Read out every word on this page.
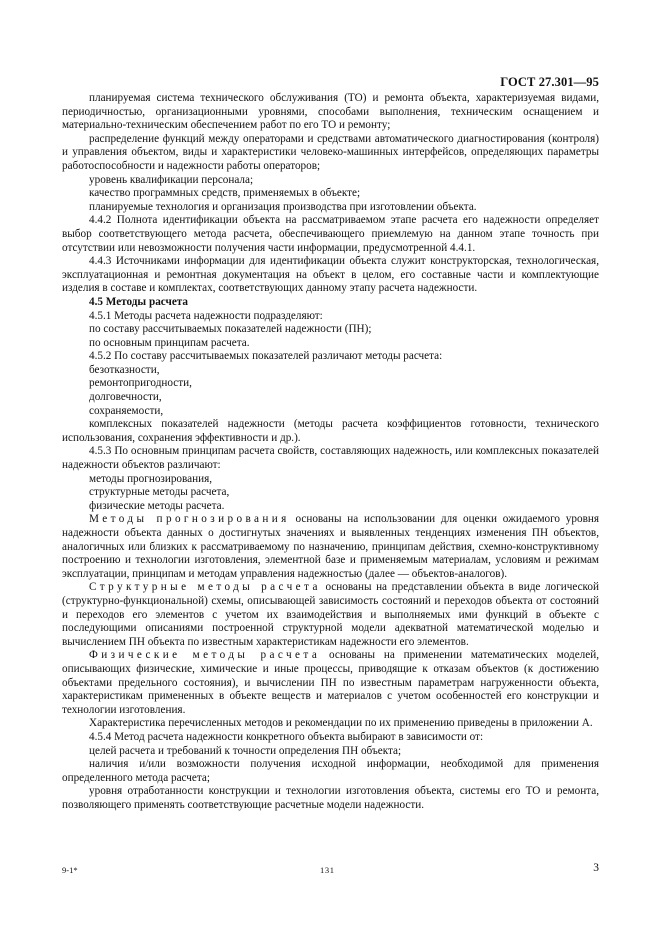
ГОСТ 27.301—95

планируемая система технического обслуживания (ТО) и ремонта объекта, характеризуемая видами, периодичностью, организационными уровнями, способами выполнения, техническим оснащением и материально-техническим обеспечением работ по его ТО и ремонту;

распределение функций между операторами и средствами автоматического диагностирования (контроля) и управления объектом, виды и характеристики человеко-машинных интерфейсов, определяющих параметры работоспособности и надежности работы операторов;

уровень квалификации персонала;

качество программных средств, применяемых в объекте;

планируемые технология и организация производства при изготовлении объекта.

4.4.2 Полнота идентификации объекта на рассматриваемом этапе расчета его надежности определяет выбор соответствующего метода расчета, обеспечивающего приемлемую на данном этапе точность при отсутствии или невозможности получения части информации, предусмотренной 4.4.1.

4.4.3 Источниками информации для идентификации объекта служит конструкторская, технологическая, эксплуатационная и ремонтная документация на объект в целом, его составные части и комплектующие изделия в составе и комплектах, соответствующих данному этапу расчета надежности.

4.5 Методы расчета

4.5.1 Методы расчета надежности подразделяют:

по составу рассчитываемых показателей надежности (ПН);

по основным принципам расчета.

4.5.2 По составу рассчитываемых показателей различают методы расчета:

безотказности,

ремонтопригодности,

долговечности,

сохраняемости,

комплексных показателей надежности (методы расчета коэффициентов готовности, технического использования, сохранения эффективности и др.).

4.5.3 По основным принципам расчета свойств, составляющих надежность, или комплексных показателей надежности объектов различают:

методы прогнозирования,

структурные методы расчета,

физические методы расчета.

Методы прогнозирования основаны на использовании для оценки ожидаемого уровня надежности объекта данных о достигнутых значениях и выявленных тенденциях изменения ПН объектов, аналогичных или близких к рассматриваемому по назначению, принципам действия, схемно-конструктивному построению и технологии изготовления, элементной базе и применяемым материалам, условиям и режимам эксплуатации, принципам и методам управления надежностью (далее — объектов-аналогов).

Структурные методы расчета основаны на представлении объекта в виде логической (структурно-функциональной) схемы, описывающей зависимость состояний и переходов объекта от состояний и переходов его элементов с учетом их взаимодействия и выполняемых ими функций в объекте с последующими описаниями построенной структурной модели адекватной математической моделью и вычислением ПН объекта по известным характеристикам надежности его элементов.

Физические методы расчета основаны на применении математических моделей, описывающих физические, химические и иные процессы, приводящие к отказам объектов (к достижению объектами предельного состояния), и вычислении ПН по известным параметрам нагруженности объекта, характеристикам примененных в объекте веществ и материалов с учетом особенностей его конструкции и технологии изготовления.

Характеристика перечисленных методов и рекомендации по их применению приведены в приложении А.

4.5.4 Метод расчета надежности конкретного объекта выбирают в зависимости от:

целей расчета и требований к точности определения ПН объекта;

наличия и/или возможности получения исходной информации, необходимой для применения определенного метода расчета;

уровня отработанности конструкции и технологии изготовления объекта, системы его ТО и ремонта, позволяющего применять соответствующие расчетные модели надежности.

9-1*	131	3
